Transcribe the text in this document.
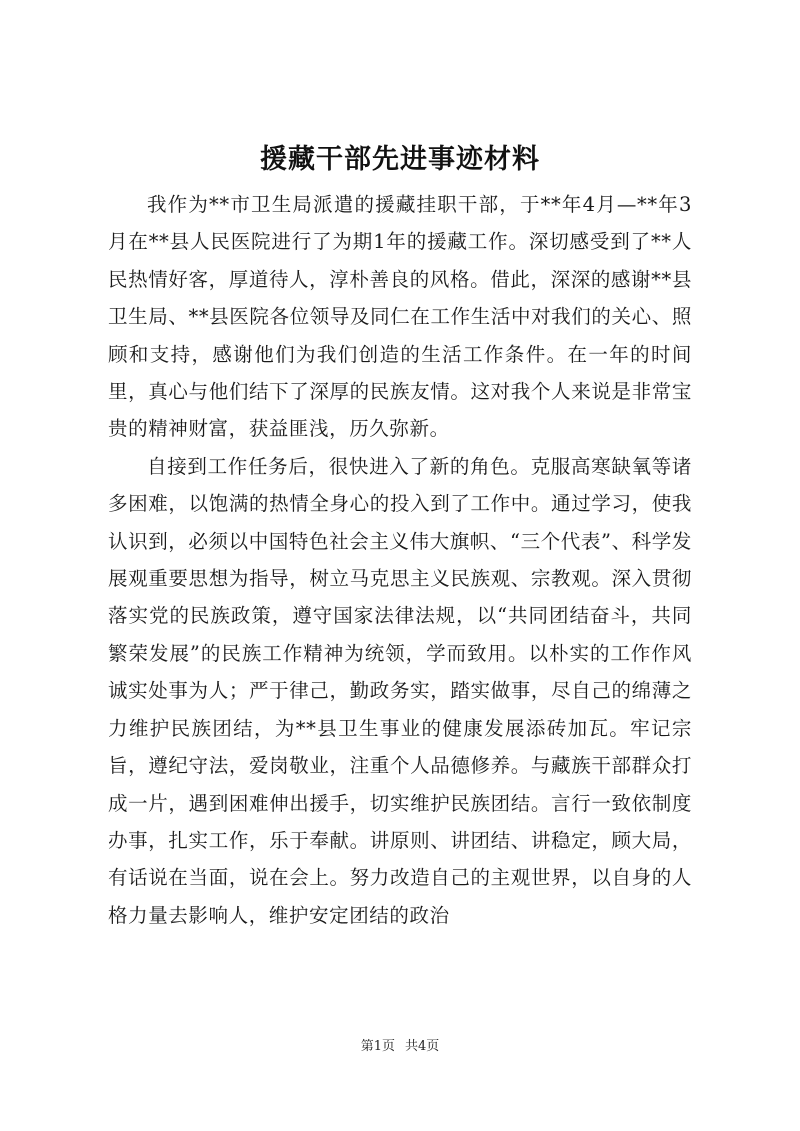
援藏干部先进事迹材料

我作为**市卫生局派遣的援藏挂职干部，于**年4月—**年3月在**县人民医院进行了为期1年的援藏工作。深切感受到了**人民热情好客，厚道待人，淳朴善良的风格。借此，深深的感谢**县卫生局、**县医院各位领导及同仁在工作生活中对我们的关心、照顾和支持，感谢他们为我们创造的生活工作条件。在一年的时间里，真心与他们结下了深厚的民族友情。这对我个人来说是非常宝贵的精神财富，获益匪浅，历久弥新。

自接到工作任务后，很快进入了新的角色。克服高寒缺氧等诸多困难，以饱满的热情全身心的投入到了工作中。通过学习，使我认识到，必须以中国特色社会主义伟大旗帜、“三个代表”、科学发展观重要思想为指导，树立马克思主义民族观、宗教观。深入贯彻落实党的民族政策，遵守国家法律法规，以“共同团结奋斗，共同繁荣发展”的民族工作精神为统领，学而致用。以朴实的工作作风诚实处事为人；严于律己，勤政务实，踏实做事，尽自己的绵薄之力维护民族团结，为**县卫生事业的健康发展添砖加瓦。牢记宗旨，遵纪守法，爱岗敬业，注重个人品德修养。与藏族干部群众打成一片，遇到困难伸出援手，切实维护民族团结。言行一致依制度办事，扎实工作，乐于奉献。讲原则、讲团结、讲稳定，顾大局，有话说在当面，说在会上。努力改造自己的主观世界，以自身的人格力量去影响人，维护安定团结的政治

第1页 共4页
